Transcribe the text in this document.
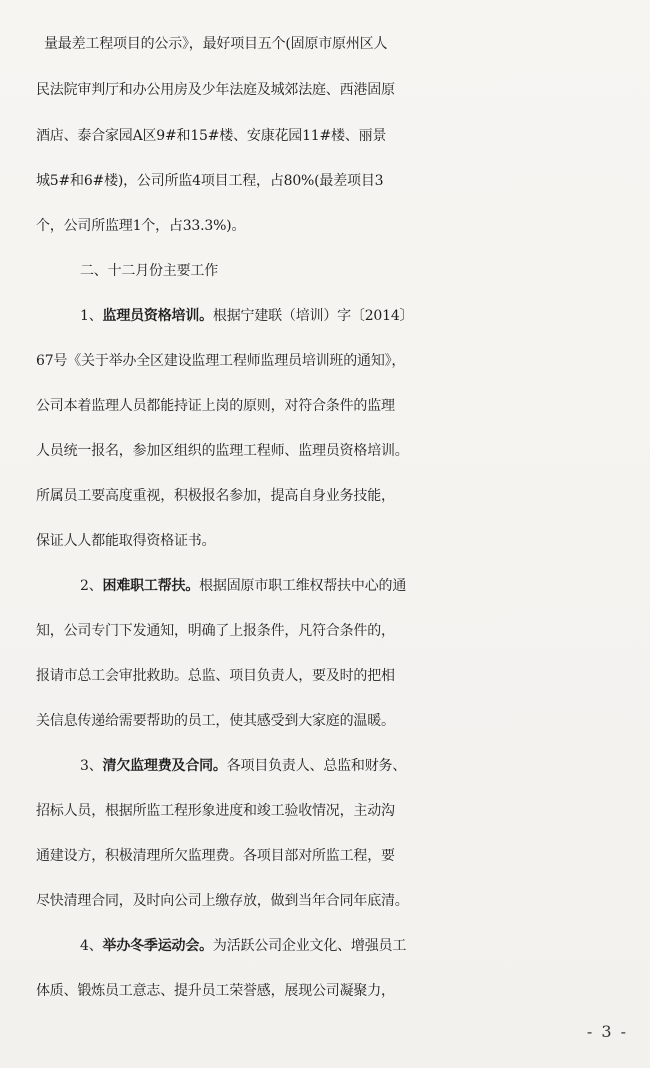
量最差工程项目的公示》，最好项目五个(固原市原州区人
民法院审判厅和办公用房及少年法庭及城郊法庭、西港固原
酒店、泰合家园A区9#和15#楼、安康花园11#楼、丽景
城5#和6#楼)，公司所监4项目工程，占80%(最差项目3
个，公司所监理1个，占33.3%)。
二、十二月份主要工作
1、监理员资格培训。根据宁建联（培训）字〔2014〕
67号《关于举办全区建设监理工程师监理员培训班的通知》，
公司本着监理人员都能持证上岗的原则，对符合条件的监理
人员统一报名，参加区组织的监理工程师、监理员资格培训。
所属员工要高度重视，积极报名参加，提高自身业务技能，
保证人人都能取得资格证书。
2、困难职工帮扶。根据固原市职工维权帮扶中心的通
知，公司专门下发通知，明确了上报条件，凡符合条件的，
报请市总工会审批救助。总监、项目负责人，要及时的把相
关信息传递给需要帮助的员工，使其感受到大家庭的温暖。
3、清欠监理费及合同。各项目负责人、总监和财务、
招标人员，根据所监工程形象进度和竣工验收情况，主动沟
通建设方，积极清理所欠监理费。各项目部对所监工程，要
尽快清理合同，及时向公司上缴存放，做到当年合同年底清。
4、举办冬季运动会。为活跃公司企业文化、增强员工
体质、锻炼员工意志、提升员工荣誉感，展现公司凝聚力，
- 3 -
